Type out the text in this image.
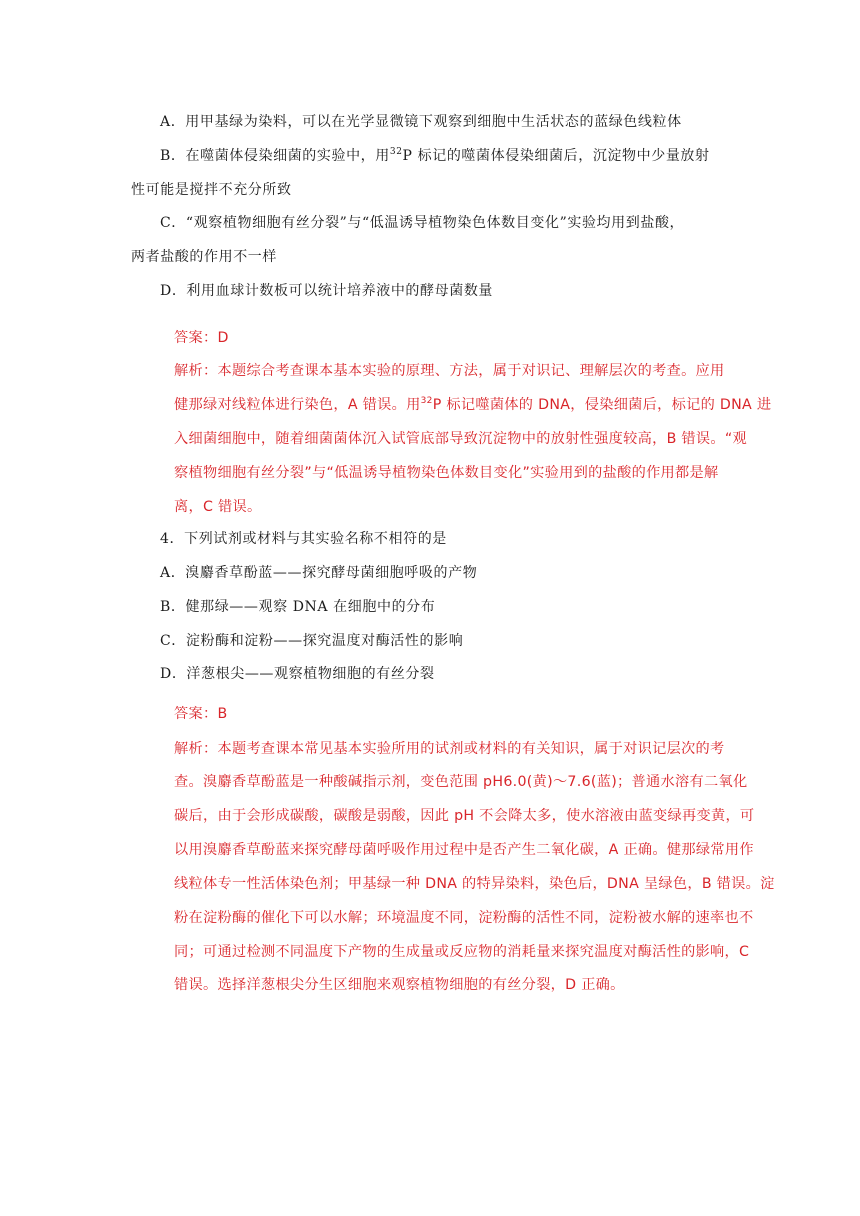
A．用甲基绿为染料，可以在光学显微镜下观察到细胞中生活状态的蓝绿色线粒体
B．在噬菌体侵染细菌的实验中，用$^{32}$P 标记的噬菌体侵染细菌后，沉淀物中少量放射
性可能是搅拌不充分所致
C．“观察植物细胞有丝分裂”与“低温诱导植物染色体数目变化”实验均用到盐酸，
两者盐酸的作用不一样
D．利用血球计数板可以统计培养液中的酵母菌数量
答案：D
解析：本题综合考查课本基本实验的原理、方法，属于对识记、理解层次的考查。应用
健那绿对线粒体进行染色，A 错误。用$^{32}$P 标记噬菌体的 DNA，侵染细菌后，标记的 DNA 进
入细菌细胞中，随着细菌菌体沉入试管底部导致沉淀物中的放射性强度较高，B 错误。“观
察植物细胞有丝分裂”与“低温诱导植物染色体数目变化”实验用到的盐酸的作用都是解
离，C 错误。
4．下列试剂或材料与其实验名称不相符的是
A．溴麝香草酚蓝——探究酵母菌细胞呼吸的产物
B．健那绿——观察 DNA 在细胞中的分布
C．淀粉酶和淀粉——探究温度对酶活性的影响
D．洋葱根尖——观察植物细胞的有丝分裂
答案：B
解析：本题考查课本常见基本实验所用的试剂或材料的有关知识，属于对识记层次的考
查。溴麝香草酚蓝是一种酸碱指示剂，变色范围 pH6.0(黄)～7.6(蓝)；普通水溶有二氧化
碳后，由于会形成碳酸，碳酸是弱酸，因此 pH 不会降太多，使水溶液由蓝变绿再变黄，可
以用溴麝香草酚蓝来探究酵母菌呼吸作用过程中是否产生二氧化碳，A 正确。健那绿常用作
线粒体专一性活体染色剂；甲基绿一种 DNA 的特异染料，染色后，DNA 呈绿色，B 错误。淀
粉在淀粉酶的催化下可以水解；环境温度不同，淀粉酶的活性不同，淀粉被水解的速率也不
同；可通过检测不同温度下产物的生成量或反应物的消耗量来探究温度对酶活性的影响，C
错误。选择洋葱根尖分生区细胞来观察植物细胞的有丝分裂，D 正确。
